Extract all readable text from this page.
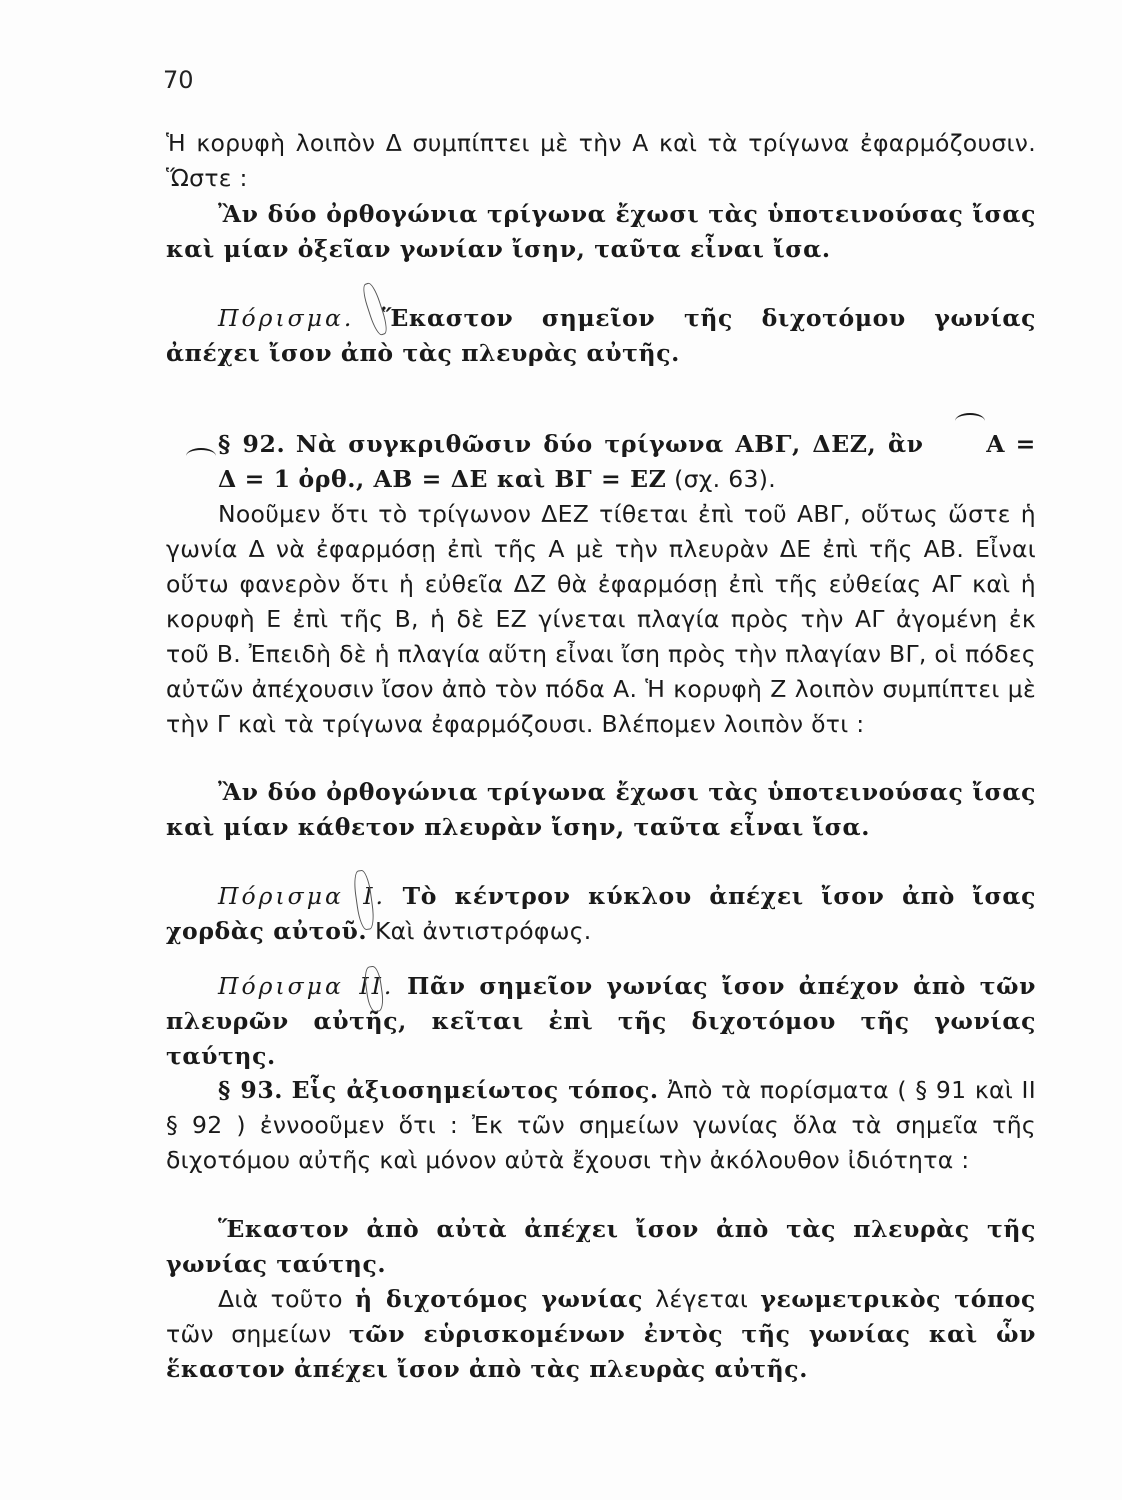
70

Ἡ κορυφὴ λοιπὸν Δ συμπίπτει μὲ τὴν Α καὶ τὰ τρίγωνα ἐφαρμόζουσιν. Ὥστε :

Ἂν δύο ὀρθογώνια τρίγωνα ἔχωσι τὰς ὑποτεινούσας ἴσας καὶ μίαν ὀξεῖαν γωνίαν ἴσην, ταῦτα εἶναι ἴσα.

Πόρισμα. Ἕκαστον σημεῖον τῆς διχοτόμου γωνίας ἀπέχει ἴσον ἀπὸ τὰς πλευρὰς αὐτῆς.

§ 92. Νὰ συγκριθῶσιν δύο τρίγωνα ΑΒΓ, ΔΕΖ, ἂν	Α = Δ = 1 ὀρθ., ΑΒ = ΔΕ καὶ ΒΓ = ΕΖ (σχ. 63).

Νοοῦμεν ὅτι τὸ τρίγωνον ΔΕΖ τίθεται ἐπὶ τοῦ ΑΒΓ, οὕτως ὥστε ἡ γωνία Δ νὰ ἐφαρμόσῃ ἐπὶ τῆς Α μὲ τὴν πλευρὰν ΔΕ ἐπὶ τῆς ΑΒ. Εἶναι οὕτω φανερὸν ὅτι ἡ εὐθεῖα ΔΖ θὰ ἐφαρμόσῃ ἐπὶ τῆς εὐθείας ΑΓ καὶ ἡ κορυφὴ Ε ἐπὶ τῆς Β, ἡ δὲ ΕΖ γίνεται πλαγία πρὸς τὴν ΑΓ ἀγομένη ἐκ τοῦ Β. Ἐπειδὴ δὲ ἡ πλαγία αὕτη εἶναι ἴση πρὸς τὴν πλαγίαν ΒΓ, οἱ πόδες αὐτῶν ἀπέχουσιν ἴσον ἀπὸ τὸν πόδα Α. Ἡ κορυφὴ Ζ λοιπὸν συμπίπτει μὲ τὴν Γ καὶ τὰ τρίγωνα ἐφαρμόζουσι. Βλέπομεν λοιπὸν ὅτι :

Ἂν δύο ὀρθογώνια τρίγωνα ἔχωσι τὰς ὑποτεινούσας ἴσας καὶ μίαν κάθετον πλευρὰν ἴσην, ταῦτα εἶναι ἴσα.

Πόρισμα Ι. Τὸ κέντρον κύκλου ἀπέχει ἴσον ἀπὸ ἴσας χορδὰς αὐτοῦ. Καὶ ἀντιστρόφως.

Πόρισμα ΙΙ. Πᾶν σημεῖον γωνίας ἴσον ἀπέχον ἀπὸ τῶν πλευρῶν αὐτῆς, κεῖται ἐπὶ τῆς διχοτόμου τῆς γωνίας ταύτης.

§ 93. Εἷς ἀξιοσημείωτος τόπος. Ἀπὸ τὰ πορίσματα ( § 91 καὶ ΙΙ § 92 ) ἐννοοῦμεν ὅτι : Ἐκ τῶν σημείων γωνίας ὅλα τὰ σημεῖα τῆς διχοτόμου αὐτῆς καὶ μόνον αὐτὰ ἔχουσι τὴν ἀκόλουθον ἰδιότητα :

Ἕκαστον ἀπὸ αὐτὰ ἀπέχει ἴσον ἀπὸ τὰς πλευρὰς τῆς γωνίας ταύτης.

Διὰ τοῦτο ἡ διχοτόμος γωνίας λέγεται γεωμετρικὸς τόπος τῶν σημείων τῶν εὑρισκομένων ἐντὸς τῆς γωνίας καὶ ὧν ἕκαστον ἀπέχει ἴσον ἀπὸ τὰς πλευρὰς αὐτῆς.
